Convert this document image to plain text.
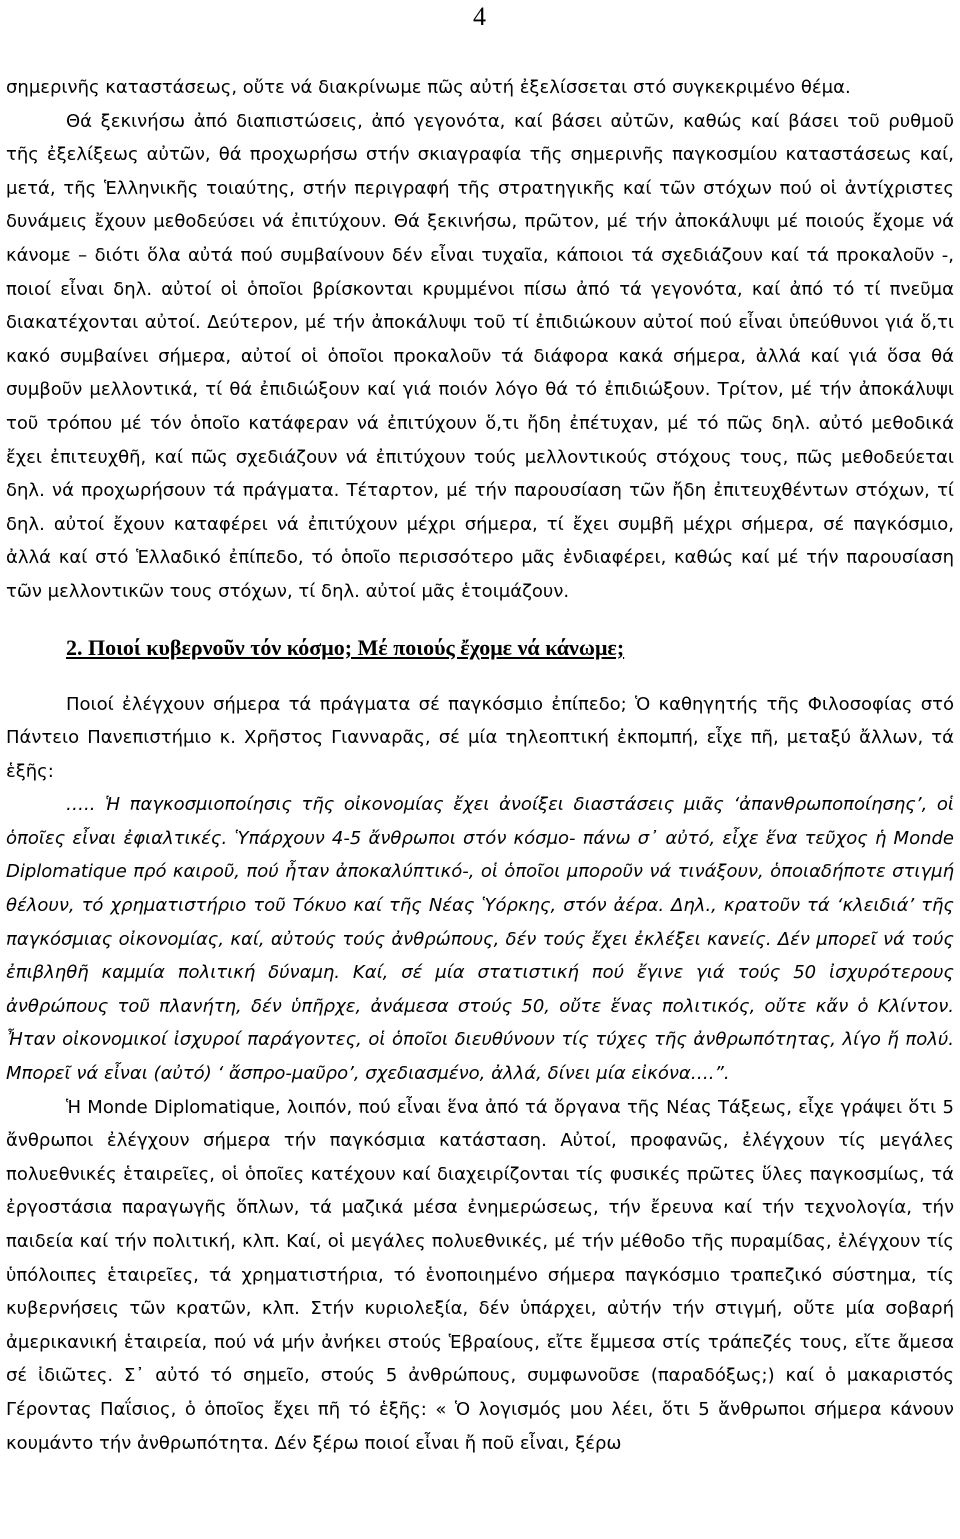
4

σημερινῆς καταστάσεως, οὔτε νά διακρίνωμε πῶς αὐτή ἐξελίσσεται στό συγκεκριμένο θέμα.

Θά ξεκινήσω ἀπό διαπιστώσεις, ἀπό γεγονότα, καί βάσει αὐτῶν, καθώς καί βάσει τοῦ ρυθμοῦ τῆς ἐξελίξεως αὐτῶν, θά προχωρήσω στήν σκιαγραφία τῆς σημερινῆς παγκοσμίου καταστάσεως καί, μετά, τῆς Ἑλληνικῆς τοιαύτης, στήν περιγραφή τῆς στρατηγικῆς καί τῶν στόχων πού οἱ ἀντίχριστες δυνάμεις ἔχουν μεθοδεύσει νά ἐπιτύχουν. Θά ξεκινήσω, πρῶτον, μέ τήν ἀποκάλυψι μέ ποιούς ἔχομε νά κάνομε – διότι ὅλα αὐτά πού συμβαίνουν δέν εἶναι τυχαῖα, κάποιοι τά σχεδιάζουν καί τά προκαλοῦν -, ποιοί εἶναι δηλ. αὐτοί οἱ ὁποῖοι βρίσκονται κρυμμένοι πίσω ἀπό τά γεγονότα, καί ἀπό τό τί πνεῦμα διακατέχονται αὐτοί. Δεύτερον, μέ τήν ἀποκάλυψι τοῦ τί ἐπιδιώκουν αὐτοί πού εἶναι ὑπεύθυνοι γιά ὅ,τι κακό συμβαίνει σήμερα, αὐτοί οἱ ὁποῖοι προκαλοῦν τά διάφορα κακά σήμερα, ἀλλά καί γιά ὅσα θά συμβοῦν μελλοντικά, τί θά ἐπιδιώξουν καί γιά ποιόν λόγο θά τό ἐπιδιώξουν. Τρίτον, μέ τήν ἀποκάλυψι τοῦ τρόπου μέ τόν ὁποῖο κατάφεραν νά ἐπιτύχουν ὅ,τι ἤδη ἐπέτυχαν, μέ τό πῶς δηλ. αὐτό μεθοδικά ἔχει ἐπιτευχθῆ, καί πῶς σχεδιάζουν νά ἐπιτύχουν τούς μελλοντικούς στόχους τους, πῶς μεθοδεύεται δηλ. νά προχωρήσουν τά πράγματα. Τέταρτον, μέ τήν παρουσίαση τῶν ἤδη ἐπιτευχθέντων στόχων, τί δηλ. αὐτοί ἔχουν καταφέρει νά ἐπιτύχουν μέχρι σήμερα, τί ἔχει συμβῆ μέχρι σήμερα, σέ παγκόσμιο, ἀλλά καί στό Ἑλλαδικό ἐπίπεδο, τό ὁποῖο περισσότερο μᾶς ἐνδιαφέρει, καθώς καί μέ τήν παρουσίαση τῶν μελλοντικῶν τους στόχων, τί δηλ. αὐτοί μᾶς ἑτοιμάζουν.

2. Ποιοί κυβερνοῦν τόν κόσμο; Μέ ποιούς ἔχομε νά κάνωμε;

Ποιοί ἐλέγχουν σήμερα τά πράγματα σέ παγκόσμιο ἐπίπεδο; Ὁ καθηγητής τῆς Φιλοσοφίας στό Πάντειο Πανεπιστήμιο κ. Χρῆστος Γιανναρᾶς, σέ μία τηλεοπτική ἐκπομπή, εἶχε πῆ, μεταξύ ἄλλων, τά ἑξῆς:

….. Ἡ παγκοσμιοποίησις τῆς οἰκονομίας ἔχει ἀνοίξει διαστάσεις μιᾶς ‘ἀπανθρωποποίησης’, οἱ ὁποῖες εἶναι ἐφιαλτικές. Ὑπάρχουν 4-5 ἄνθρωποι στόν κόσμο- πάνω σ᾽ αὐτό, εἶχε ἕνα τεῦχος ἡ Monde Diplomatique πρό καιροῦ, πού ἦταν ἀποκαλύπτικό-, οἱ ὁποῖοι μποροῦν νά τινάξουν, ὁποιαδήποτε στιγμή θέλουν, τό χρηματιστήριο τοῦ Τόκυο καί τῆς Νέας Ὑόρκης, στόν ἀέρα. Δηλ., κρατοῦν τά ‘κλειδιά’ τῆς παγκόσμιας οἰκονομίας, καί, αὐτούς τούς ἀνθρώπους, δέν τούς ἔχει ἐκλέξει κανείς. Δέν μπορεῖ νά τούς ἐπιβληθῆ καμμία πολιτική δύναμη. Καί, σέ μία στατιστική πού ἔγινε γιά τούς 50 ἰσχυρότερους ἀνθρώπους τοῦ πλανήτη, δέν ὑπῆρχε, ἀνάμεσα στούς 50, οὔτε ἕνας πολιτικός, οὔτε κἄν ὁ Κλίντον. Ἦταν οἰκονομικοί ἰσχυροί παράγοντες, οἱ ὁποῖοι διευθύνουν τίς τύχες τῆς ἀνθρωπότητας, λίγο ἤ πολύ. Μπορεῖ νά εἶναι (αὐτό) ‘ ἄσπρο-μαῦρο’, σχεδιασμένο, ἀλλά, δίνει μία εἰκόνα….”.

Ἡ Monde Diplomatique, λοιπόν, πού εἶναι ἕνα ἀπό τά ὄργανα τῆς Νέας Τάξεως, εἶχε γράψει ὅτι 5 ἄνθρωποι ἐλέγχουν σήμερα τήν παγκόσμια κατάσταση. Αὐτοί, προφανῶς, ἐλέγχουν τίς μεγάλες πολυεθνικές ἑταιρεῖες, οἱ ὁποῖες κατέχουν καί διαχειρίζονται τίς φυσικές πρῶτες ὕλες παγκοσμίως, τά ἐργοστάσια παραγωγῆς ὅπλων, τά μαζικά μέσα ἐνημερώσεως, τήν ἔρευνα καί τήν τεχνολογία, τήν παιδεία καί τήν πολιτική, κλπ. Καί, οἱ μεγάλες πολυεθνικές, μέ τήν μέθοδο τῆς πυραμίδας, ἐλέγχουν τίς ὑπόλοιπες ἑταιρεῖες, τά χρηματιστήρια, τό ἑνοποιημένο σήμερα παγκόσμιο τραπεζικό σύστημα, τίς κυβερνήσεις τῶν κρατῶν, κλπ. Στήν κυριολεξία, δέν ὑπάρχει, αὐτήν τήν στιγμή, οὔτε μία σοβαρή ἀμερικανική ἑταιρεία, πού νά μήν ἀνήκει στούς Ἑβραίους, εἴτε ἔμμεσα στίς τράπεζές τους, εἴτε ἄμεσα σέ ἰδιῶτες. Σ᾽ αὐτό τό σημεῖο, στούς 5 ἀνθρώπους, συμφωνοῦσε (παραδόξως;) καί ὁ μακαριστός Γέροντας Παΐσιος, ὁ ὁποῖος ἔχει πῆ τό ἑξῆς: « Ὁ λογισμός μου λέει, ὅτι 5 ἄνθρωποι σήμερα κάνουν κουμάντο τήν ἀνθρωπότητα. Δέν ξέρω ποιοί εἶναι ἤ ποῦ εἶναι, ξέρω
